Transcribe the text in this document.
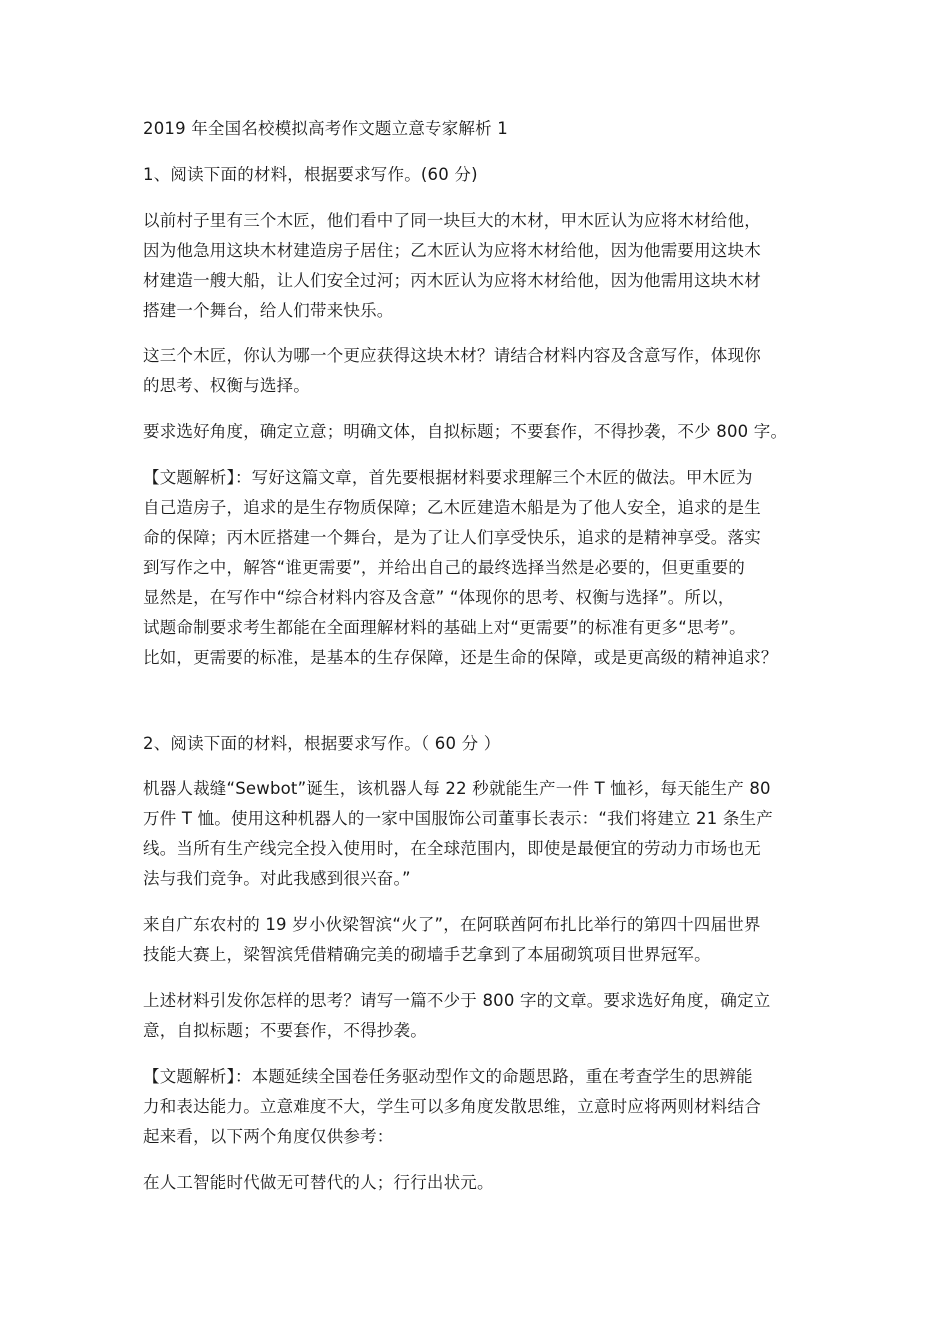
2019 年全国名校模拟高考作文题立意专家解析 1
1、阅读下面的材料，根据要求写作。(60 分)
以前村子里有三个木匠，他们看中了同一块巨大的木材，甲木匠认为应将木材给他，
因为他急用这块木材建造房子居住；乙木匠认为应将木材给他，因为他需要用这块木
材建造一艘大船，让人们安全过河；丙木匠认为应将木材给他，因为他需用这块木材
搭建一个舞台，给人们带来快乐。
这三个木匠，你认为哪一个更应获得这块木材？请结合材料内容及含意写作，体现你
的思考、权衡与选择。
要求选好角度，确定立意；明确文体，自拟标题；不要套作，不得抄袭，不少 800 字。
【文题解析】：写好这篇文章，首先要根据材料要求理解三个木匠的做法。甲木匠为
自己造房子，追求的是生存物质保障；乙木匠建造木船是为了他人安全，追求的是生
命的保障；丙木匠搭建一个舞台，是为了让人们享受快乐，追求的是精神享受。落实
到写作之中，解答“谁更需要”，并给出自己的最终选择当然是必要的，但更重要的
显然是，在写作中“综合材料内容及含意” “体现你的思考、权衡与选择”。所以，
试题命制要求考生都能在全面理解材料的基础上对“更需要”的标准有更多“思考”。
比如，更需要的标准，是基本的生存保障，还是生命的保障，或是更高级的精神追求？
2、阅读下面的材料，根据要求写作。（ 60 分 ）
机器人裁缝“Sewbot”诞生，该机器人每 22 秒就能生产一件 T 恤衫，每天能生产 80
万件 T 恤。使用这种机器人的一家中国服饰公司董事长表示：“我们将建立 21 条生产
线。当所有生产线完全投入使用时，在全球范围内，即使是最便宜的劳动力市场也无
法与我们竞争。对此我感到很兴奋。”
来自广东农村的 19 岁小伙梁智滨“火了”，在阿联酋阿布扎比举行的第四十四届世界
技能大赛上，梁智滨凭借精确完美的砌墙手艺拿到了本届砌筑项目世界冠军。
上述材料引发你怎样的思考？请写一篇不少于 800 字的文章。要求选好角度，确定立
意，自拟标题；不要套作，不得抄袭。
【文题解析】：本题延续全国卷任务驱动型作文的命题思路，重在考查学生的思辨能
力和表达能力。立意难度不大，学生可以多角度发散思维，立意时应将两则材料结合
起来看，以下两个角度仅供参考：
在人工智能时代做无可替代的人；行行出状元。
